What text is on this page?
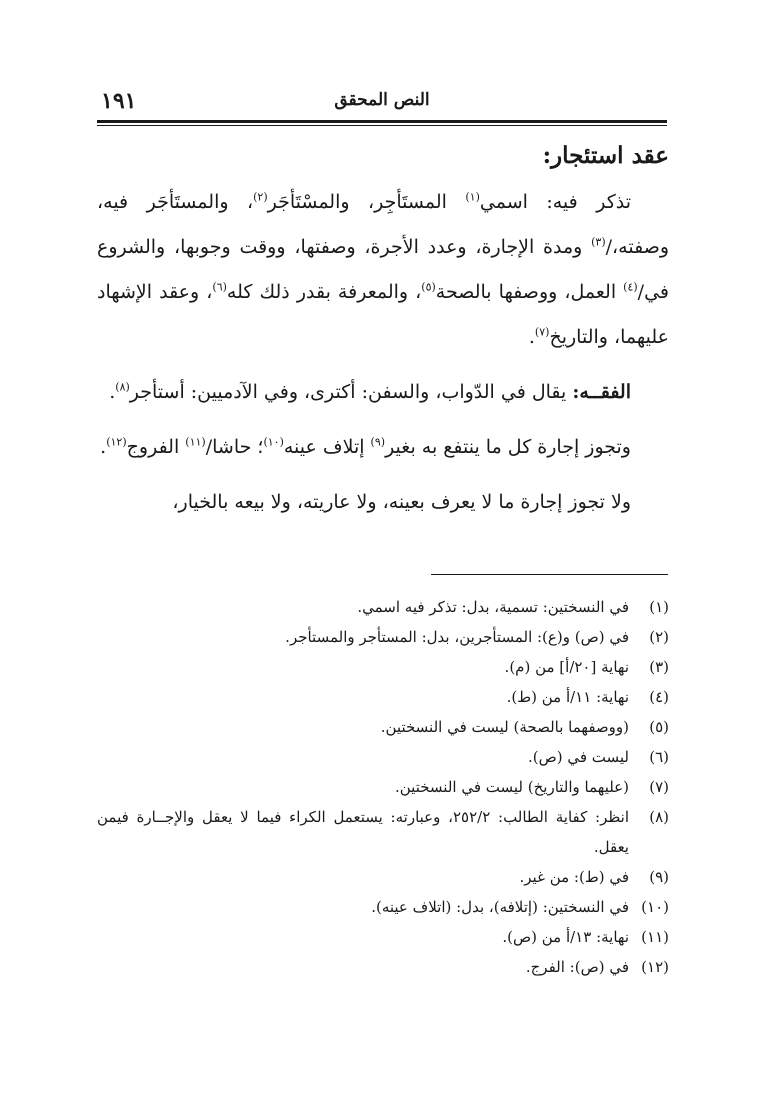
النص المحقق
١٩١
عقد استئجار:

تذكر فيه: اسمي$^{(١)}$ المستَأجِر، والمسْتَأجَر$^{(٢)}$، والمستَأجَر فيه، وصفته،/$^{(٣)}$ ومدة الإجارة، وعدد الأجرة، وصفتها، ووقت وجوبها، والشروع في/$^{(٤)}$ العمل، ووصفها بالصحة$^{(٥)}$، والمعرفة بقدر ذلك كله$^{(٦)}$، وعقد الإشهاد عليهما، والتاريخ$^{(٧)}$.

الفقــه: يقال في الدّواب، والسفن: أكترى، وفي الآدميين: أستأجر$^{(٨)}$.

وتجوز إجارة كل ما ينتفع به بغير$^{(٩)}$ إتلاف عينه$^{(١٠)}$؛ حاشا/$^{(١١)}$ الفروج$^{(١٢)}$.

ولا تجوز إجارة ما لا يعرف بعينه، ولا عاريته، ولا بيعه بالخيار،

(١)
في النسختين: تسمية، بدل: تذكر فيه اسمي.
(٢)
في (ص) و(ع): المستأجرين، بدل: المستأجر والمستأجر.
(٣)
نهاية [٢٠/أ] من (م).
(٤)
نهاية: ١١/أ من (ط).
(٥)
(ووصفهما بالصحة) ليست في النسختين.
(٦)
ليست في (ص).
(٧)
(عليهما والتاريخ) ليست في النسختين.
(٨)
انظر: كفاية الطالب: ٢٥٢/٢، وعبارته: يستعمل الكراء فيما لا يعقل والإجــارة فيمن يعقل.
(٩)
في (ط): من غير.
(١٠)
في النسختين: (إتلافه)، بدل: (اتلاف عينه).
(١١)
نهاية: ١٣/أ من (ص).
(١٢)
في (ص): الفرج.
